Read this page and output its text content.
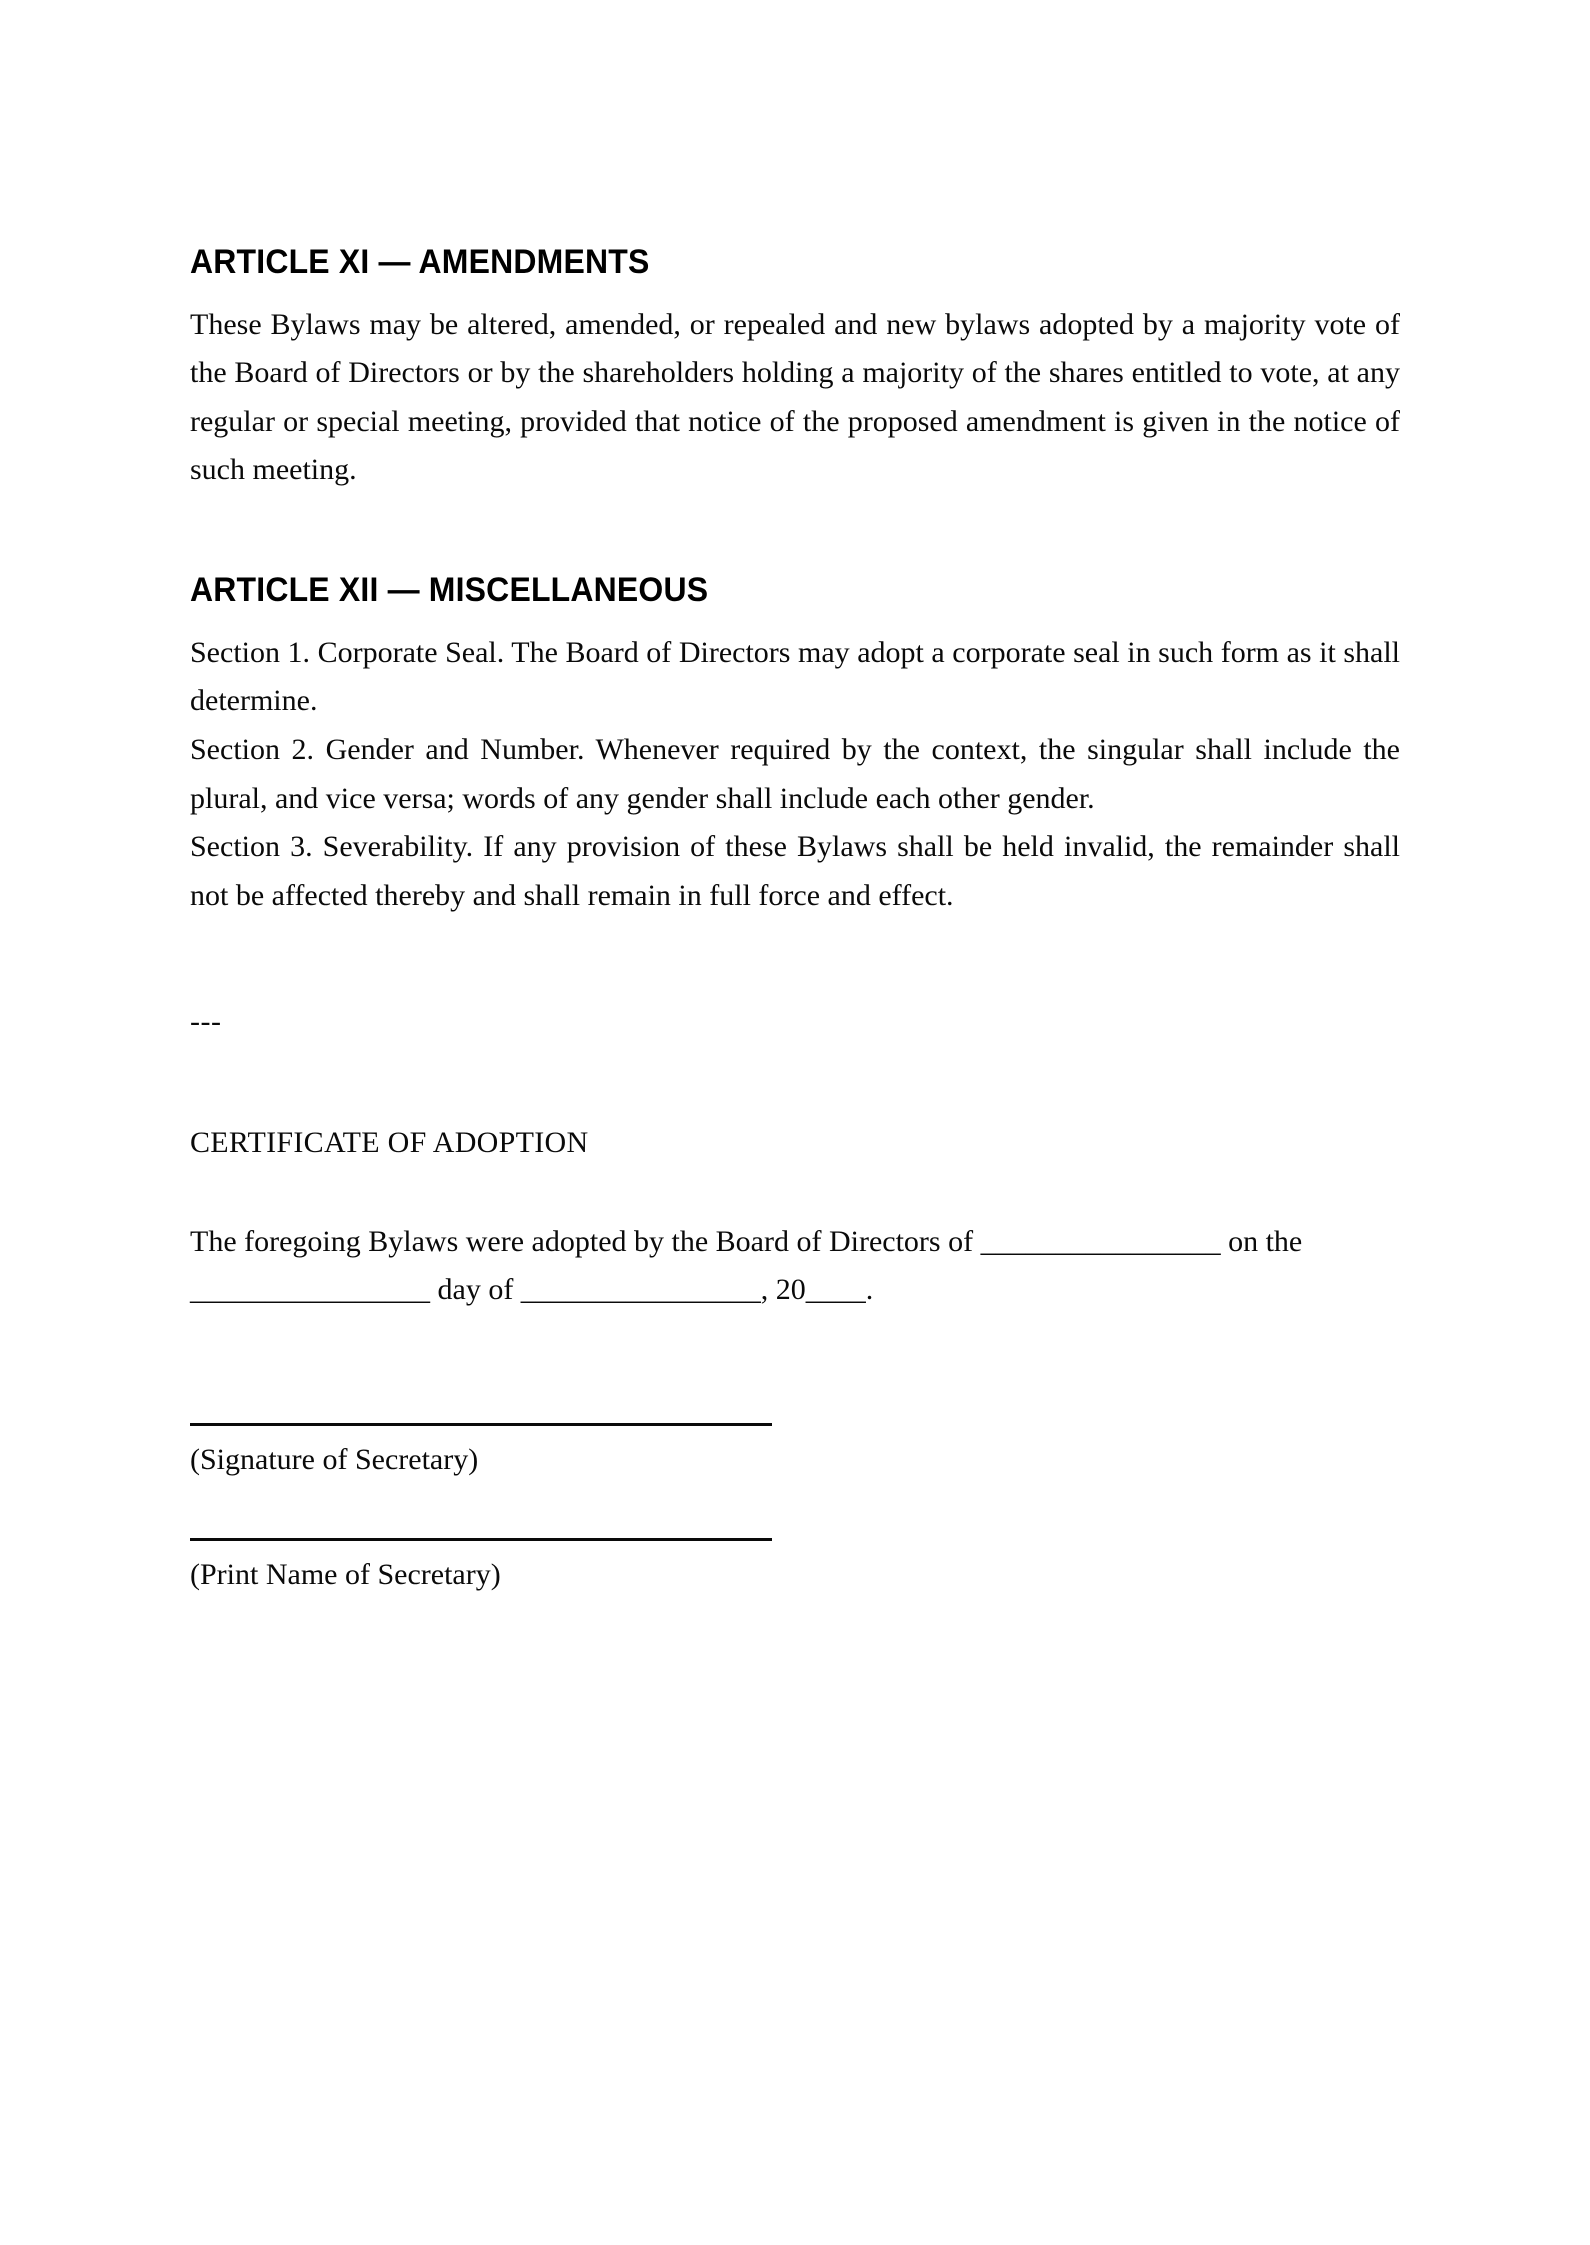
ARTICLE XI — AMENDMENTS

These Bylaws may be altered, amended, or repealed and new bylaws adopted by a majority vote of the Board of Directors or by the shareholders holding a majority of the shares entitled to vote, at any regular or special meeting, provided that notice of the proposed amendment is given in the notice of such meeting.

ARTICLE XII — MISCELLANEOUS

Section 1. Corporate Seal. The Board of Directors may adopt a corporate seal in such form as it shall determine.

Section 2. Gender and Number. Whenever required by the context, the singular shall include the plural, and vice versa; words of any gender shall include each other gender.

Section 3. Severability. If any provision of these Bylaws shall be held invalid, the remainder shall not be affected thereby and shall remain in full force and effect.

---

CERTIFICATE OF ADOPTION

The foregoing Bylaws were adopted by the Board of Directors of ________________ on the ________________ day of ________________, 20____.

(Signature of Secretary)

(Print Name of Secretary)
